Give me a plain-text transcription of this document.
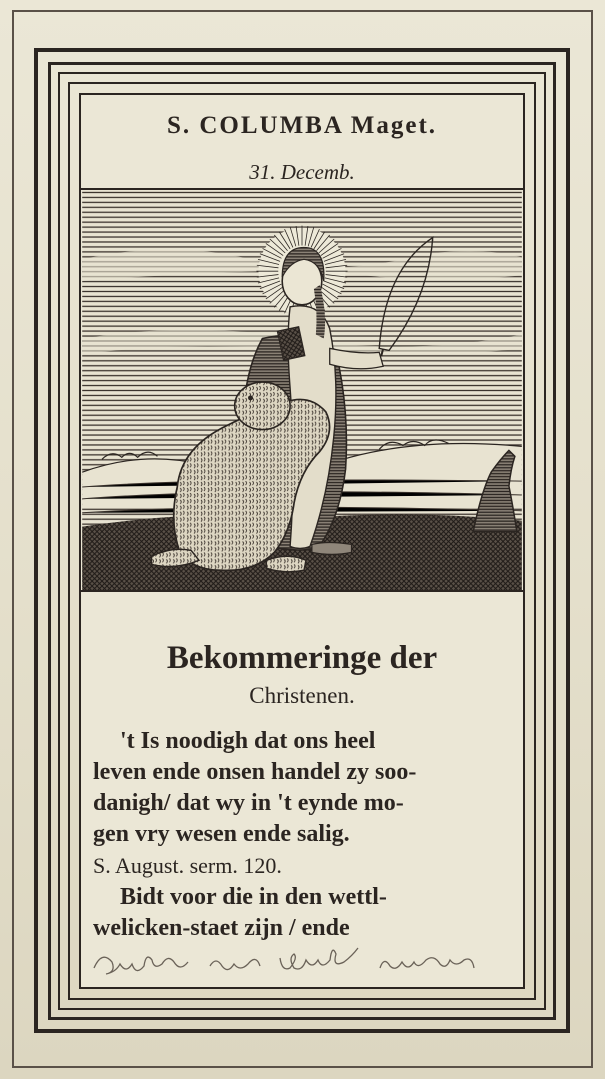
S. COLUMBA Maget.
31. Decemb.
Bekommeringe der
Christenen.
't Is noodigh dat ons heel
leven ende onsen handel zy soo-
danigh/ dat wy in 't eynde mo-
gen vry wesen ende salig.
S. August. serm. 120.
Bidt voor die in den wettl-
welicken-staet zijn / ende
